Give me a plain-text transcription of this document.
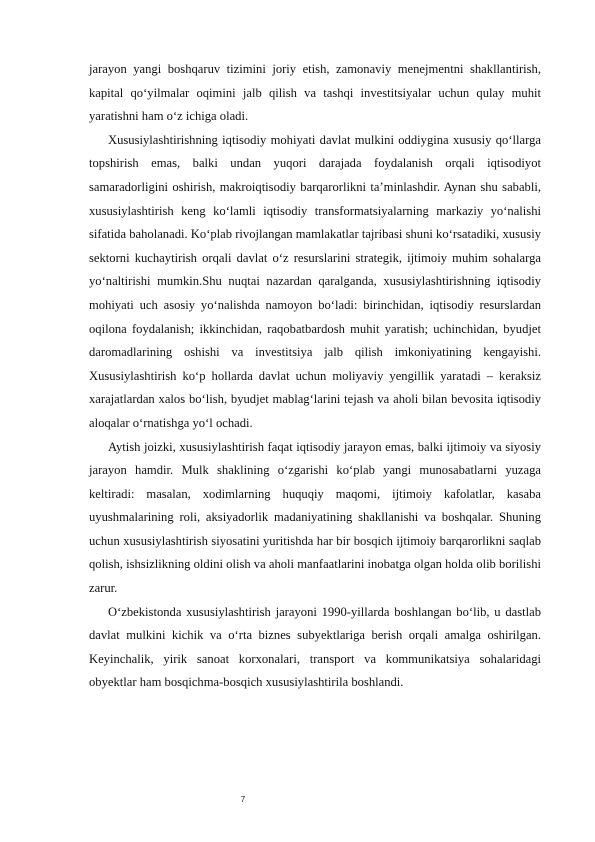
jarayon yangi boshqaruv tizimini joriy etish, zamonaviy menejmentni shakllantirish, kapital qo‘yilmalar oqimini jalb qilish va tashqi investitsiyalar uchun qulay muhit yaratishni ham o‘z ichiga oladi.

Xususiylashtirishning iqtisodiy mohiyati davlat mulkini oddiygina xususiy qo‘llarga topshirish emas, balki undan yuqori darajada foydalanish orqali iqtisodiyot samaradorligini oshirish, makroiqtisodiy barqarorlikni ta’minlashdir. Aynan shu sababli, xususiylashtirish keng ko‘lamli iqtisodiy transformatsiyalarning markaziy yo‘nalishi sifatida baholanadi. Ko‘plab rivojlangan mamlakatlar tajribasi shuni ko‘rsatadiki, xususiy sektorni kuchaytirish orqali davlat o‘z resurslarini strategik, ijtimoiy muhim sohalarga yo‘naltirishi mumkin.Shu nuqtai nazardan qaralganda, xususiylashtirishning iqtisodiy mohiyati uch asosiy yo‘nalishda namoyon bo‘ladi: birinchidan, iqtisodiy resurslardan oqilona foydalanish; ikkinchidan, raqobatbardosh muhit yaratish; uchinchidan, byudjet daromadlarining oshishi va investitsiya jalb qilish imkoniyatining kengayishi. Xususiylashtirish ko‘p hollarda davlat uchun moliyaviy yengillik yaratadi – keraksiz xarajatlardan xalos bo‘lish, byudjet mablag‘larini tejash va aholi bilan bevosita iqtisodiy aloqalar o‘rnatishga yo‘l ochadi.

Aytish joizki, xususiylashtirish faqat iqtisodiy jarayon emas, balki ijtimoiy va siyosiy jarayon hamdir. Mulk shaklining o‘zgarishi ko‘plab yangi munosabatlarni yuzaga keltiradi: masalan, xodimlarning huquqiy maqomi, ijtimoiy kafolatlar, kasaba uyushmalarining roli, aksiyadorlik madaniyatining shakllanishi va boshqalar. Shuning uchun xususiylashtirish siyosatini yuritishda har bir bosqich ijtimoiy barqarorlikni saqlab qolish, ishsizlikning oldini olish va aholi manfaatlarini inobatga olgan holda olib borilishi zarur.

O‘zbekistonda xususiylashtirish jarayoni 1990-yillarda boshlangan bo‘lib, u dastlab davlat mulkini kichik va o‘rta biznes subyektlariga berish orqali amalga oshirilgan. Keyinchalik, yirik sanoat korxonalari, transport va kommunikatsiya sohalaridagi obyektlar ham bosqichma-bosqich xususiylashtirila boshlandi.

7
